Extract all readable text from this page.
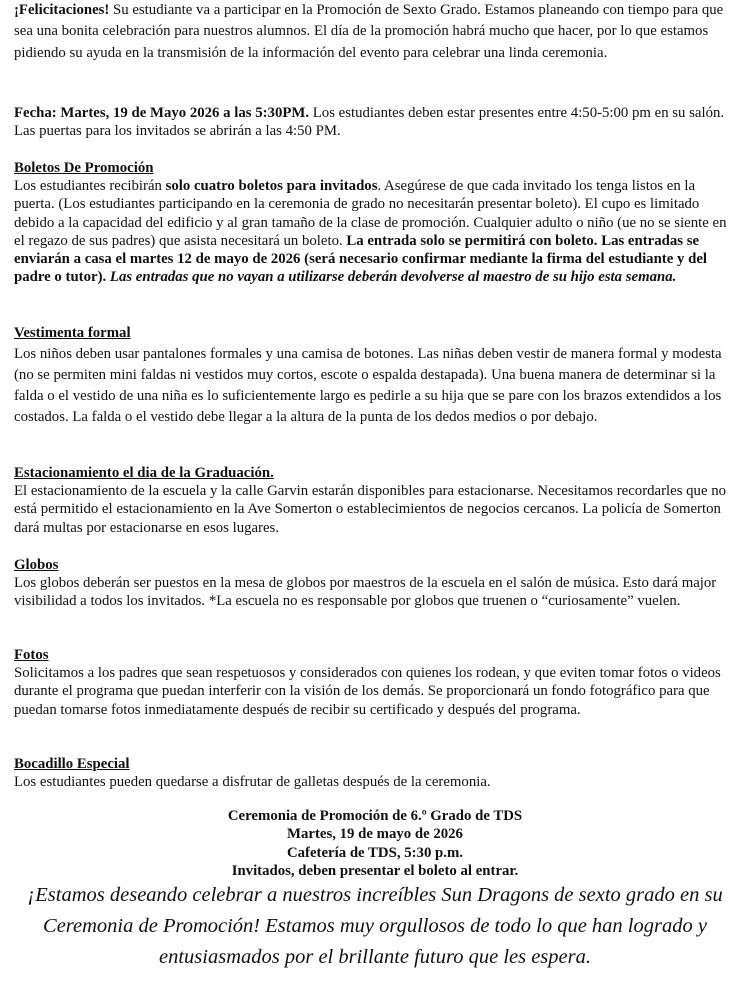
¡Felicitaciones! Su estudiante va a participar en la Promoción de Sexto Grado. Estamos planeando con tiempo para que sea una bonita celebración para nuestros alumnos. El día de la promoción habrá mucho que hacer, por lo que estamos pidiendo su ayuda en la transmisión de la información del evento para celebrar una linda ceremonia.

Fecha: Martes, 19 de Mayo 2026 a las 5:30PM. Los estudiantes deben estar presentes entre 4:50-5:00 pm en su salón. Las puertas para los invitados se abrirán a las 4:50 PM.

Boletos De Promoción

Los estudiantes recibirán solo cuatro boletos para invitados. Asegúrese de que cada invitado los tenga listos en la puerta. (Los estudiantes participando en la ceremonia de grado no necesitarán presentar boleto). El cupo es limitado debido a la capacidad del edificio y al gran tamaño de la clase de promoción. Cualquier adulto o niño (ue no se siente en el regazo de sus padres) que asista necesitará un boleto. La entrada solo se permitirá con boleto. Las entradas se enviarán a casa el martes 12 de mayo de 2026 (será necesario confirmar mediante la firma del estudiante y del padre o tutor). Las entradas que no vayan a utilizarse deberán devolverse al maestro de su hijo esta semana.

Vestimenta formal

Los niños deben usar pantalones formales y una camisa de botones. Las niñas deben vestir de manera formal y modesta (no se permiten mini faldas ni vestidos muy cortos, escote o espalda destapada). Una buena manera de determinar si la falda o el vestido de una niña es lo suficientemente largo es pedirle a su hija que se pare con los brazos extendidos a los costados. La falda o el vestido debe llegar a la altura de la punta de los dedos medios o por debajo.

Estacionamiento el dia de la Graduación.

El estacionamiento de la escuela y la calle Garvin estarán disponibles para estacionarse. Necesitamos recordarles que no está permitido el estacionamiento en la Ave Somerton o establecimientos de negocios cercanos. La policía de Somerton dará multas por estacionarse en esos lugares.

Globos

Los globos deberán ser puestos en la mesa de globos por maestros de la escuela en el salón de música. Esto dará major visibilidad a todos los invitados. *La escuela no es responsable por globos que truenen o “curiosamente” vuelen.

Fotos

Solicitamos a los padres que sean respetuosos y considerados con quienes los rodean, y que eviten tomar fotos o videos durante el programa que puedan interferir con la visión de los demás. Se proporcionará un fondo fotográfico para que puedan tomarse fotos inmediatamente después de recibir su certificado y después del programa.

Bocadillo Especial

Los estudiantes pueden quedarse a disfrutar de galletas después de la ceremonia.

Ceremonia de Promoción de 6.º Grado de TDS
Martes, 19 de mayo de 2026
Cafetería de TDS, 5:30 p.m.
Invitados, deben presentar el boleto al entrar.
¡Estamos deseando celebrar a nuestros increíbles Sun Dragons de sexto grado en su
Ceremonia de Promoción! Estamos muy orgullosos de todo lo que han logrado y
entusiasmados por el brillante futuro que les espera.
